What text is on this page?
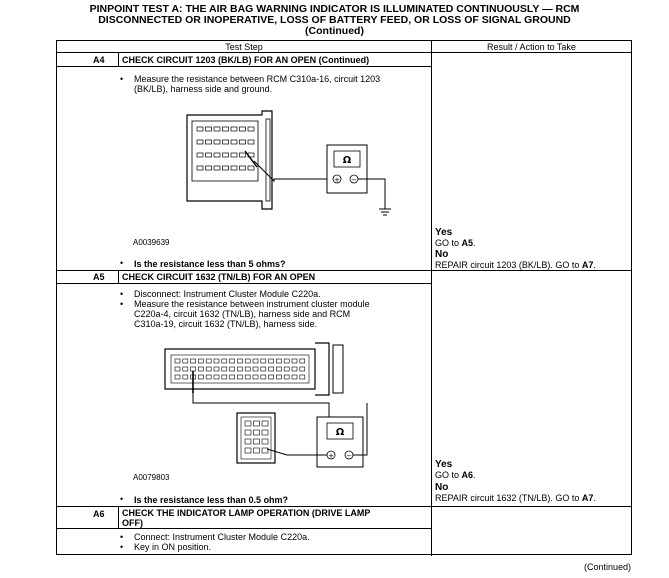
PINPOINT TEST A: THE AIR BAG WARNING INDICATOR IS ILLUMINATED CONTINUOUSLY — RCM
DISCONNECTED OR INOPERATIVE, LOSS OF BATTERY FEED, OR LOSS OF SIGNAL GROUND
(Continued)
Test Step	Result / Action to Take
A4 CHECK CIRCUIT 1203 (BK/LB) FOR AN OPEN (Continued)
• Measure the resistance between RCM C310a-16, circuit 1203
(BK/LB), harness side and ground.
Ω
+ −
A0039639
• Is the resistance less than 5 ohms?
Yes
GO to A5.
No
REPAIR circuit 1203 (BK/LB). GO to A7.
A5 CHECK CIRCUIT 1632 (TN/LB) FOR AN OPEN
• Disconnect: Instrument Cluster Module C220a.
• Measure the resistance between instrument cluster module
C220a-4, circuit 1632 (TN/LB), harness side and RCM
C310a-19, circuit 1632 (TN/LB), harness side.
Ω
+ −
A0079803
• Is the resistance less than 0.5 ohm?
Yes
GO to A6.
No
REPAIR circuit 1632 (TN/LB). GO to A7.
A6 CHECK THE INDICATOR LAMP OPERATION (DRIVE LAMP
OFF)
• Connect: Instrument Cluster Module C220a.
• Key in ON position.
(Continued)
